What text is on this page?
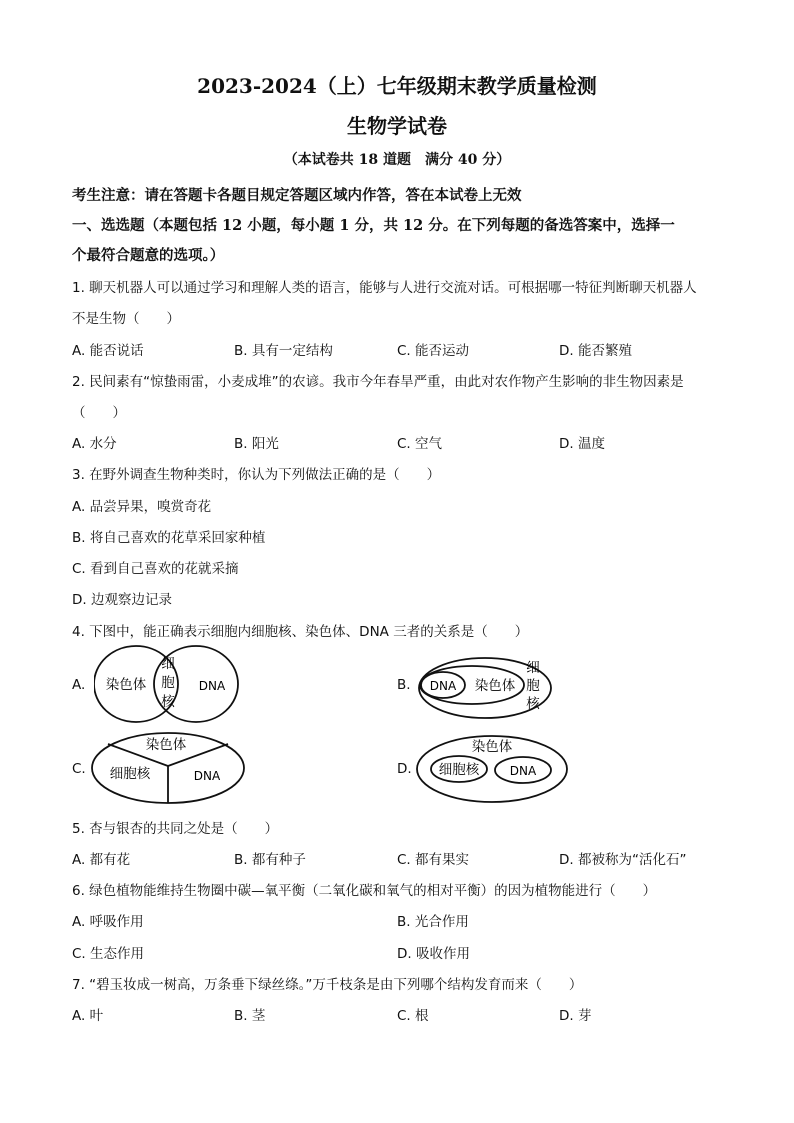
2023-2024（上）七年级期末教学质量检测
生物学试卷
（本试卷共 18 道题　满分 40 分）
考生注意：请在答题卡各题目规定答题区域内作答，答在本试卷上无效
一、选选题（本题包括 12 小题，每小题 1 分，共 12 分。在下列每题的备选答案中，选择一
个最符合题意的选项。）
1. 聊天机器人可以通过学习和理解人类的语言，能够与人进行交流对话。可根据哪一特征判断聊天机器人
不是生物（　　）
A. 能否说话	B. 具有一定结构	C. 能否运动	D. 能否繁殖
2. 民间素有“惊蛰雨雷，小麦成堆”的农谚。我市今年春旱严重，由此对农作物产生影响的非生物因素是
（　　）
A. 水分	B. 阳光	C. 空气	D. 温度
3. 在野外调查生物种类时，你认为下列做法正确的是（　　）
A. 品尝异果，嗅赏奇花
B. 将自己喜欢的花草采回家种植
C. 看到自己喜欢的花就采摘
D. 边观察边记录
4. 下图中，能正确表示细胞内细胞核、染色体、DNA 三者的关系是（　　）
A. 染色体
细
胞
核
DNA	B. DNA 染色体
细
胞
核
C.
染色体
细胞核	DNA	D.
染色体
细胞核	DNA
5. 杏与银杏的共同之处是（　　）
A. 都有花	B. 都有种子	C. 都有果实	D. 都被称为“活化石”
6. 绿色植物能维持生物圈中碳—氧平衡（二氧化碳和氧气的相对平衡）的因为植物能进行（　　）
A. 呼吸作用	B. 光合作用
C. 生态作用	D. 吸收作用
7. “碧玉妆成一树高，万条垂下绿丝绦。”万千枝条是由下列哪个结构发育而来（　　）
A. 叶	B. 茎	C. 根	D. 芽
